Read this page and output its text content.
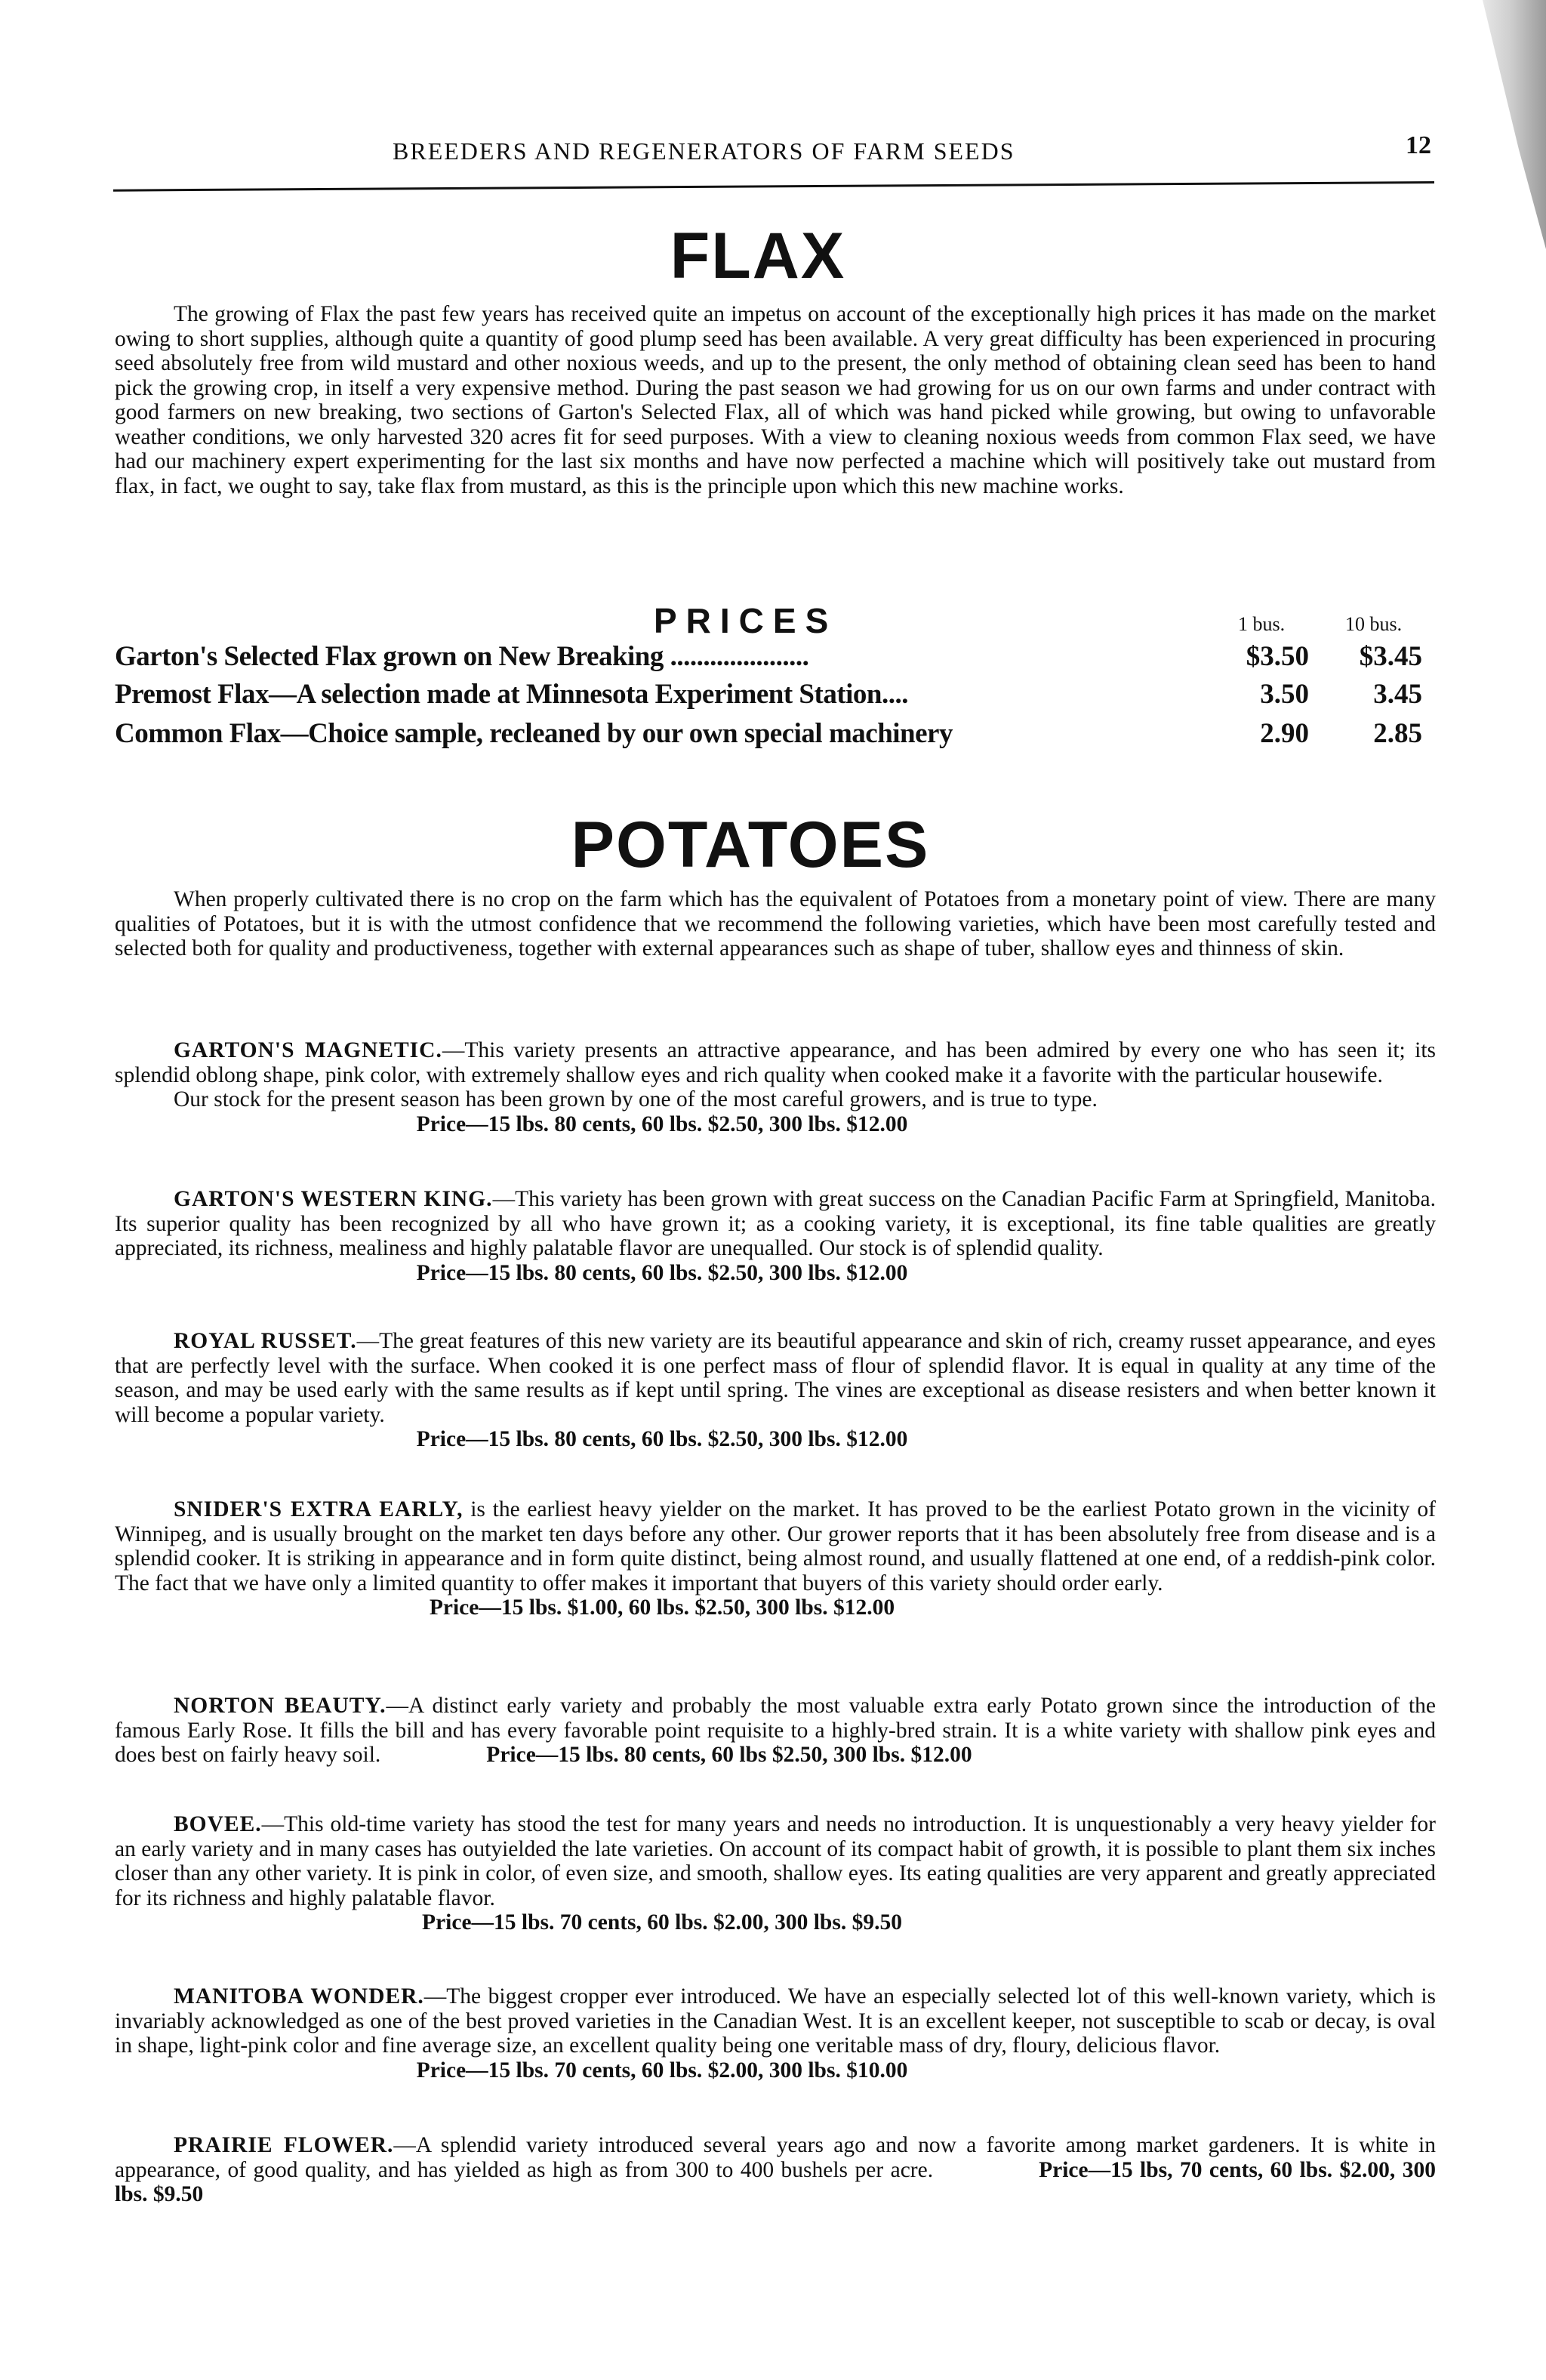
BREEDERS AND REGENERATORS OF FARM SEEDS	12
FLAX
The growing of Flax the past few years has received quite an impetus on account of the exceptionally high prices it has made on the market owing to short supplies, although quite a quantity of good plump seed has been available. A very great difficulty has been experienced in procuring seed absolutely free from wild mustard and other noxious weeds, and up to the present, the only method of obtaining clean seed has been to hand pick the growing crop, in itself a very expensive method. During the past season we had growing for us on our own farms and under contract with good farmers on new breaking, two sections of Garton's Selected Flax, all of which was hand picked while growing, but owing to unfavorable weather conditions, we only harvested 320 acres fit for seed purposes. With a view to cleaning noxious weeds from common Flax seed, we have had our machinery expert experimenting for the last six months and have now perfected a machine which will positively take out mustard from flax, in fact, we ought to say, take flax from mustard, as this is the principle upon which this new machine works.
PRICES	1 bus.	10 bus.
Garton's Selected Flax grown on New Breaking .....................	$3.50	$3.45
Premost Flax—A selection made at Minnesota Experiment Station....	3.50	3.45
Common Flax—Choice sample, recleaned by our own special machinery	2.90	2.85
POTATOES
When properly cultivated there is no crop on the farm which has the equivalent of Potatoes from a monetary point of view. There are many qualities of Potatoes, but it is with the utmost confidence that we recommend the following varieties, which have been most carefully tested and selected both for quality and productiveness, together with external appearances such as shape of tuber, shallow eyes and thinness of skin.
GARTON'S MAGNETIC.—This variety presents an attractive appearance, and has been admired by every one who has seen it; its splendid oblong shape, pink color, with extremely shallow eyes and rich quality when cooked make it a favorite with the particular housewife.
Our stock for the present season has been grown by one of the most careful growers, and is true to type.
Price—15 lbs. 80 cents, 60 lbs. $2.50, 300 lbs. $12.00
GARTON'S WESTERN KING.—This variety has been grown with great success on the Canadian Pacific Farm at Springfield, Manitoba. Its superior quality has been recognized by all who have grown it; as a cooking variety, it is exceptional, its fine table qualities are greatly appreciated, its richness, mealiness and highly palatable flavor are unequalled. Our stock is of splendid quality.
Price—15 lbs. 80 cents, 60 lbs. $2.50, 300 lbs. $12.00
ROYAL RUSSET.—The great features of this new variety are its beautiful appearance and skin of rich, creamy russet appearance, and eyes that are perfectly level with the surface. When cooked it is one perfect mass of flour of splendid flavor. It is equal in quality at any time of the season, and may be used early with the same results as if kept until spring. The vines are exceptional as disease resisters and when better known it will become a popular variety.
Price—15 lbs. 80 cents, 60 lbs. $2.50, 300 lbs. $12.00
SNIDER'S EXTRA EARLY, is the earliest heavy yielder on the market. It has proved to be the earliest Potato grown in the vicinity of Winnipeg, and is usually brought on the market ten days before any other. Our grower reports that it has been absolutely free from disease and is a splendid cooker. It is striking in appearance and in form quite distinct, being almost round, and usually flattened at one end, of a reddish-pink color. The fact that we have only a limited quantity to offer makes it important that buyers of this variety should order early.
Price—15 lbs. $1.00, 60 lbs. $2.50, 300 lbs. $12.00
NORTON BEAUTY.—A distinct early variety and probably the most valuable extra early Potato grown since the introduction of the famous Early Rose. It fills the bill and has every favorable point requisite to a highly-bred strain. It is a white variety with shallow pink eyes and does best on fairly heavy soil.	Price—15 lbs. 80 cents, 60 lbs $2.50, 300 lbs. $12.00
BOVEE.—This old-time variety has stood the test for many years and needs no introduction. It is unquestionably a very heavy yielder for an early variety and in many cases has outyielded the late varieties. On account of its compact habit of growth, it is possible to plant them six inches closer than any other variety. It is pink in color, of even size, and smooth, shallow eyes. Its eating qualities are very apparent and greatly appreciated for its richness and highly palatable flavor.
Price—15 lbs. 70 cents, 60 lbs. $2.00, 300 lbs. $9.50
MANITOBA WONDER.—The biggest cropper ever introduced. We have an especially selected lot of this well-known variety, which is invariably acknowledged as one of the best proved varieties in the Canadian West. It is an excellent keeper, not susceptible to scab or decay, is oval in shape, light-pink color and fine average size, an excellent quality being one veritable mass of dry, floury, delicious flavor.
Price—15 lbs. 70 cents, 60 lbs. $2.00, 300 lbs. $10.00
PRAIRIE FLOWER.—A splendid variety introduced several years ago and now a favorite among market gardeners. It is white in appearance, of good quality, and has yielded as high as from 300 to 400 bushels per acre.	Price—15 lbs, 70 cents, 60 lbs. $2.00, 300 lbs. $9.50
